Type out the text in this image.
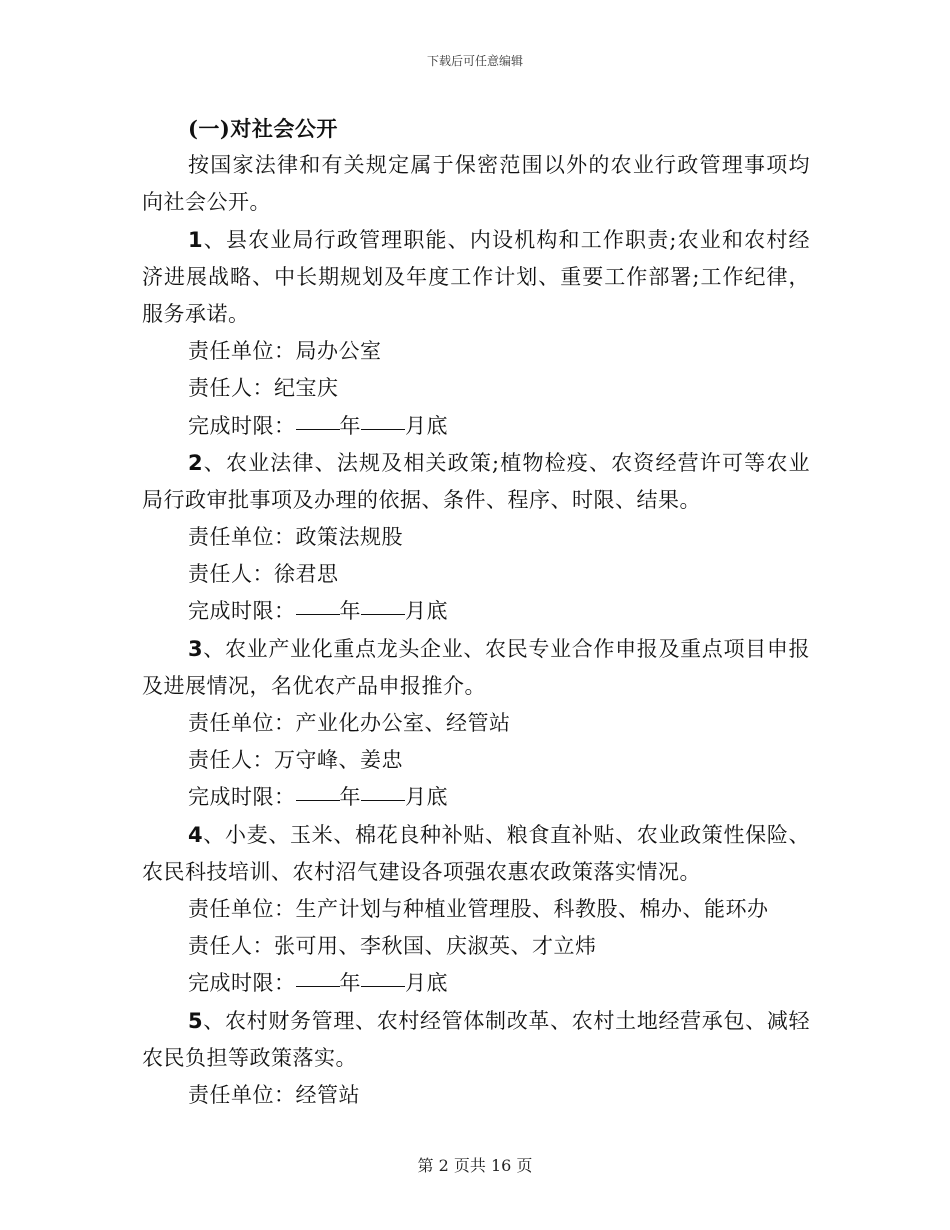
下载后可任意编辑
(一)对社会公开
按国家法律和有关规定属于保密范围以外的农业行政管理事项均
向社会公开。
1、县农业局行政管理职能、内设机构和工作职责;农业和农村经
济进展战略、中长期规划及年度工作计划、重要工作部署;工作纪律，
服务承诺。
责任单位：局办公室
责任人：纪宝庆
完成时限： 年 月底
2、农业法律、法规及相关政策;植物检疫、农资经营许可等农业
局行政审批事项及办理的依据、条件、程序、时限、结果。
责任单位：政策法规股
责任人：徐君思
完成时限： 年 月底
3、农业产业化重点龙头企业、农民专业合作申报及重点项目申报
及进展情况，名优农产品申报推介。
责任单位：产业化办公室、经管站
责任人：万守峰、姜忠
完成时限： 年 月底
4、小麦、玉米、棉花良种补贴、粮食直补贴、农业政策性保险、
农民科技培训、农村沼气建设各项强农惠农政策落实情况。
责任单位：生产计划与种植业管理股、科教股、棉办、能环办
责任人：张可用、李秋国、庆淑英、才立炜
完成时限： 年 月底
5、农村财务管理、农村经管体制改革、农村土地经营承包、减轻
农民负担等政策落实。
责任单位：经管站
第 2 页共 16 页
